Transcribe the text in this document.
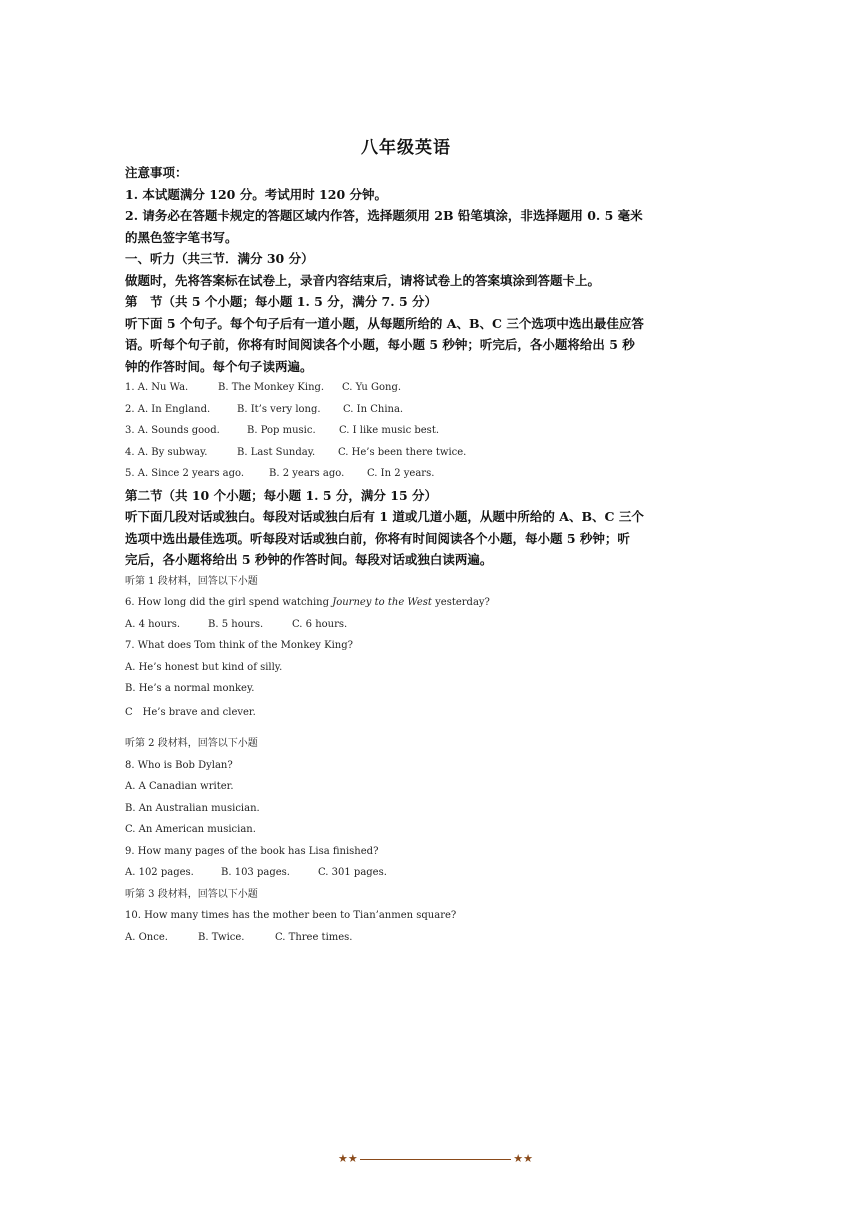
八年级英语

注意事项：

1. 本试题满分 120 分。考试用时 120 分钟。

2. 请务必在答题卡规定的答题区域内作答，选择题须用 2B 铅笔填涂，非选择题用 0. 5 毫米

的黑色签字笔书写。

一、听力（共三节．满分 30 分）

做题时，先将答案标在试卷上，录音内容结束后，请将试卷上的答案填涂到答题卡上。

第　节（共 5 个小题；每小题 1. 5 分，满分 7. 5 分）

听下面 5 个句子。每个句子后有一道小题，从每题所给的 A、B、C 三个选项中选出最佳应答

语。听每个句子前，你将有时间阅读各个小题，每小题 5 秒钟；听完后，各小题将给出 5 秒

钟的作答时间。每个句子读两遍。

1. A. Nu Wa.	B. The Monkey King. C. Yu Gong.

2. A. In England.	B. It’s very long. C. In China.

3. A. Sounds good.	B. Pop music. C. I like music best.

4. A. By subway.	B. Last Sunday. C. He’s been there twice.

5. A. Since 2 years ago. B. 2 years ago. C. In 2 years.

第二节（共 10 个小题；每小题 1. 5 分，满分 15 分）

听下面几段对话或独白。每段对话或独白后有 1 道或几道小题，从题中所给的 A、B、C 三个

选项中选出最佳选项。听每段对话或独白前，你将有时间阅读各个小题，每小题 5 秒钟；听

完后，各小题将给出 5 秒钟的作答时间。每段对话或独白读两遍。

听第 1 段材料，回答以下小题

6. How long did the girl spend watching Journey to the West yesterday?

A. 4 hours.	B. 5 hours.	C. 6 hours.

7. What does Tom think of the Monkey King?

A. He’s honest but kind of silly.

B. He’s a normal monkey.

C　He’s brave and clever.

听第 2 段材料，回答以下小题

8. Who is Bob Dylan?

A. A Canadian writer.

B. An Australian musician.

C. An American musician.

9. How many pages of the book has Lisa finished?

A. 102 pages.	B. 103 pages.	C. 301 pages.

听第 3 段材料，回答以下小题

10. How many times has the mother been to Tian’anmen square?

A. Once.	B. Twice.	C. Three times.

★★	★★
